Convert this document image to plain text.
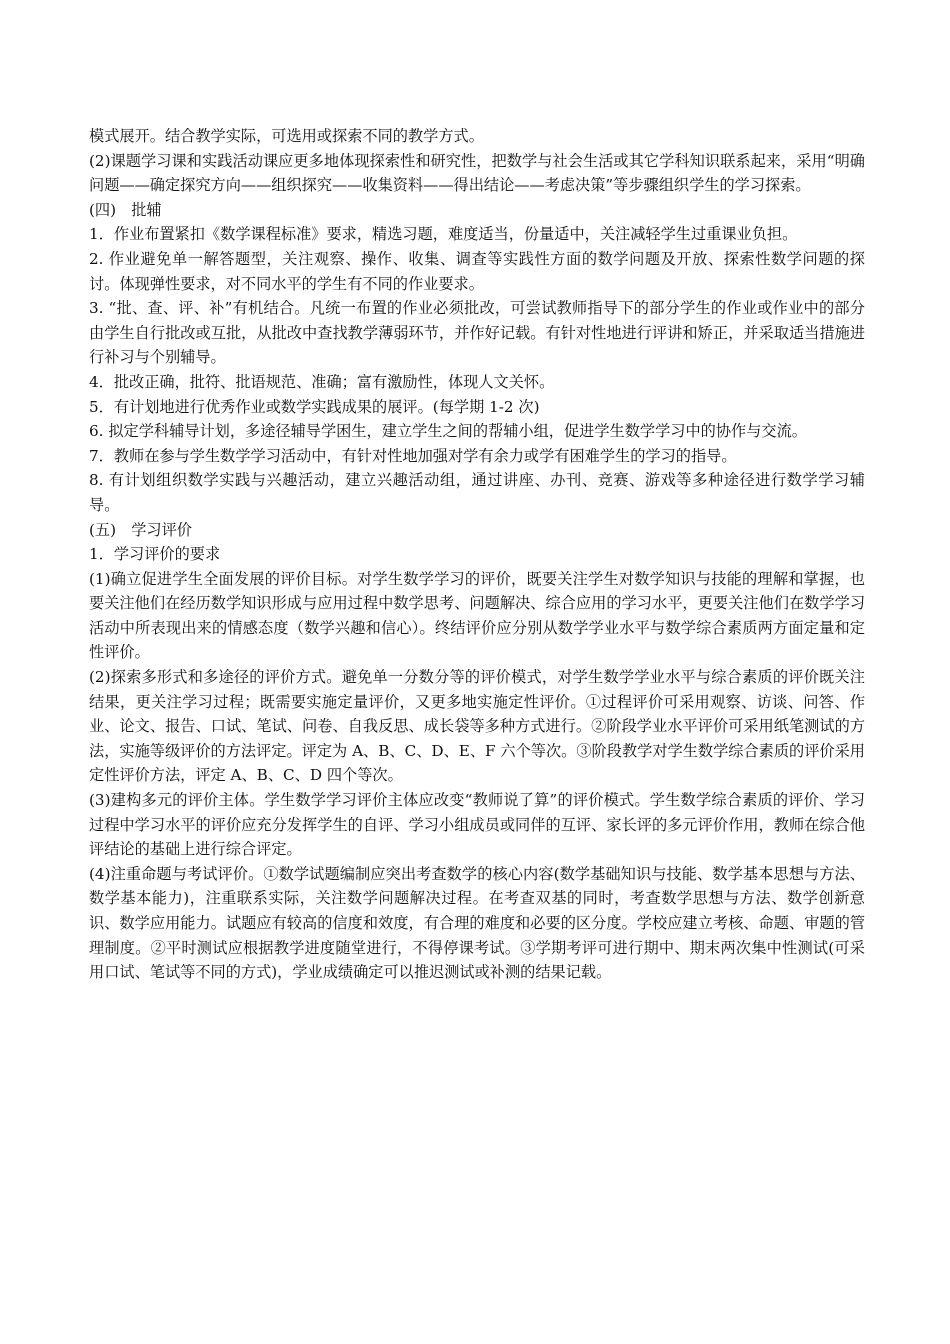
模式展开。结合教学实际，可选用或探索不同的教学方式。

(2)课题学习课和实践活动课应更多地体现探索性和研究性，把数学与社会生活或其它学科知识联系起来，采用“明确问题——确定探究方向——组织探究——收集资料——得出结论——考虑决策”等步骤组织学生的学习探索。

(四)　批辅

1．作业布置紧扣《数学课程标准》要求，精选习题，难度适当，份量适中，关注减轻学生过重课业负担。

2. 作业避免单一解答题型，关注观察、操作、收集、调查等实践性方面的数学问题及开放、探索性数学问题的探讨。体现弹性要求，对不同水平的学生有不同的作业要求。

3. “批、查、评、补”有机结合。凡统一布置的作业必须批改，可尝试教师指导下的部分学生的作业或作业中的部分由学生自行批改或互批，从批改中查找教学薄弱环节，并作好记载。有针对性地进行评讲和矫正，并采取适当措施进行补习与个别辅导。

4．批改正确，批符、批语规范、准确；富有激励性，体现人文关怀。

5．有计划地进行优秀作业或数学实践成果的展评。(每学期 1-2 次)

6. 拟定学科辅导计划，多途径辅导学困生，建立学生之间的帮辅小组，促进学生数学学习中的协作与交流。

7．教师在参与学生数学学习活动中，有针对性地加强对学有余力或学有困难学生的学习的指导。

8. 有计划组织数学实践与兴趣活动，建立兴趣活动组，通过讲座、办刊、竞赛、游戏等多种途径进行数学学习辅导。

(五)　学习评价

1．学习评价的要求

(1)确立促进学生全面发展的评价目标。对学生数学学习的评价，既要关注学生对数学知识与技能的理解和掌握，也要关注他们在经历数学知识形成与应用过程中数学思考、问题解决、综合应用的学习水平，更要关注他们在数学学习活动中所表现出来的情感态度（数学兴趣和信心）。终结评价应分别从数学学业水平与数学综合素质两方面定量和定性评价。

(2)探索多形式和多途径的评价方式。避免单一分数分等的评价模式，对学生数学学业水平与综合素质的评价既关注结果，更关注学习过程；既需要实施定量评价，又更多地实施定性评价。①过程评价可采用观察、访谈、问答、作业、论文、报告、口试、笔试、问卷、自我反思、成长袋等多种方式进行。②阶段学业水平评价可采用纸笔测试的方法，实施等级评价的方法评定。评定为 A、B、C、D、E、F 六个等次。③阶段教学对学生数学综合素质的评价采用定性评价方法，评定 A、B、C、D 四个等次。

(3)建构多元的评价主体。学生数学学习评价主体应改变“教师说了算”的评价模式。学生数学综合素质的评价、学习过程中学习水平的评价应充分发挥学生的自评、学习小组成员或同伴的互评、家长评的多元评价作用，教师在综合他评结论的基础上进行综合评定。

(4)注重命题与考试评价。①数学试题编制应突出考查数学的核心内容(数学基础知识与技能、数学基本思想与方法、数学基本能力)，注重联系实际，关注数学问题解决过程。在考查双基的同时，考查数学思想与方法、数学创新意识、数学应用能力。试题应有较高的信度和效度，有合理的难度和必要的区分度。学校应建立考核、命题、审题的管理制度。②平时测试应根据教学进度随堂进行，不得停课考试。③学期考评可进行期中、期末两次集中性测试(可采用口试、笔试等不同的方式)，学业成绩确定可以推迟测试或补测的结果记载。
